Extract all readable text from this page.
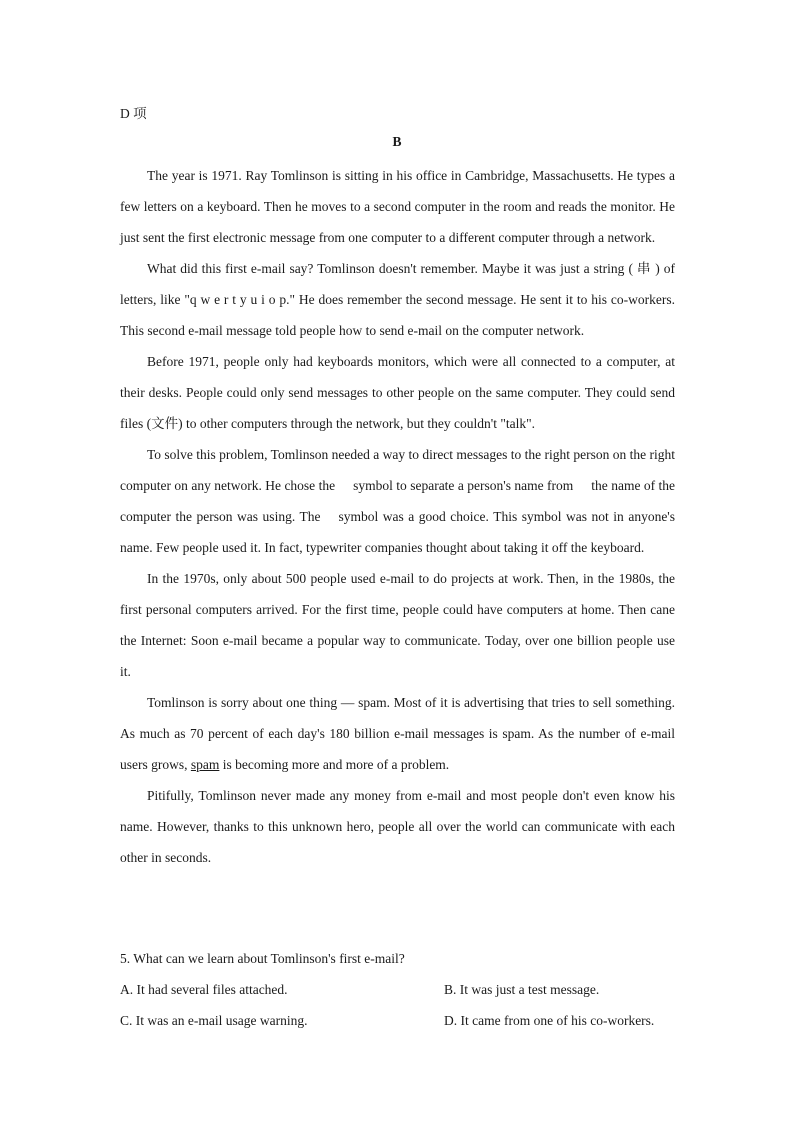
D 项
B

The year is 1971. Ray Tomlinson is sitting in his office in Cambridge, Massachusetts. He types a few letters on a keyboard. Then he moves to a second computer in the room and reads the monitor. He just sent the first electronic message from one computer to a different computer through a network.

What did this first e-mail say? Tomlinson doesn't remember. Maybe it was just a string ( 串 ) of letters, like "q w e r t y u i o p." He does remember the second message. He sent it to his co-workers. This second e-mail message told people how to send e-mail on the computer network.

Before 1971, people only had keyboards monitors, which were all connected to a computer, at their desks. People could only send messages to other people on the same computer. They could send files (文件) to other computers through the network, but they couldn't "talk".

To solve this problem, Tomlinson needed a way to direct messages to the right person on the right computer on any network. He chose the symbol to separate a person's name from the name of the computer the person was using. The symbol was a good choice. This symbol was not in anyone's name. Few people used it. In fact, typewriter companies thought about taking it off the keyboard.

In the 1970s, only about 500 people used e-mail to do projects at work. Then, in the 1980s, the first personal computers arrived. For the first time, people could have computers at home. Then cane the Internet: Soon e-mail became a popular way to communicate. Today, over one billion people use it.

Tomlinson is sorry about one thing — spam. Most of it is advertising that tries to sell something. As much as 70 percent of each day's 180 billion e-mail messages is spam. As the number of e-mail users grows, spam is becoming more and more of a problem.

Pitifully, Tomlinson never made any money from e-mail and most people don't even know his name. However, thanks to this unknown hero, people all over the world can communicate with each other in seconds.

5. What can we learn about Tomlinson's first e-mail?
A. It had several files attached.	B. It was just a test message.
C. It was an e-mail usage warning.	D. It came from one of his co-workers.
